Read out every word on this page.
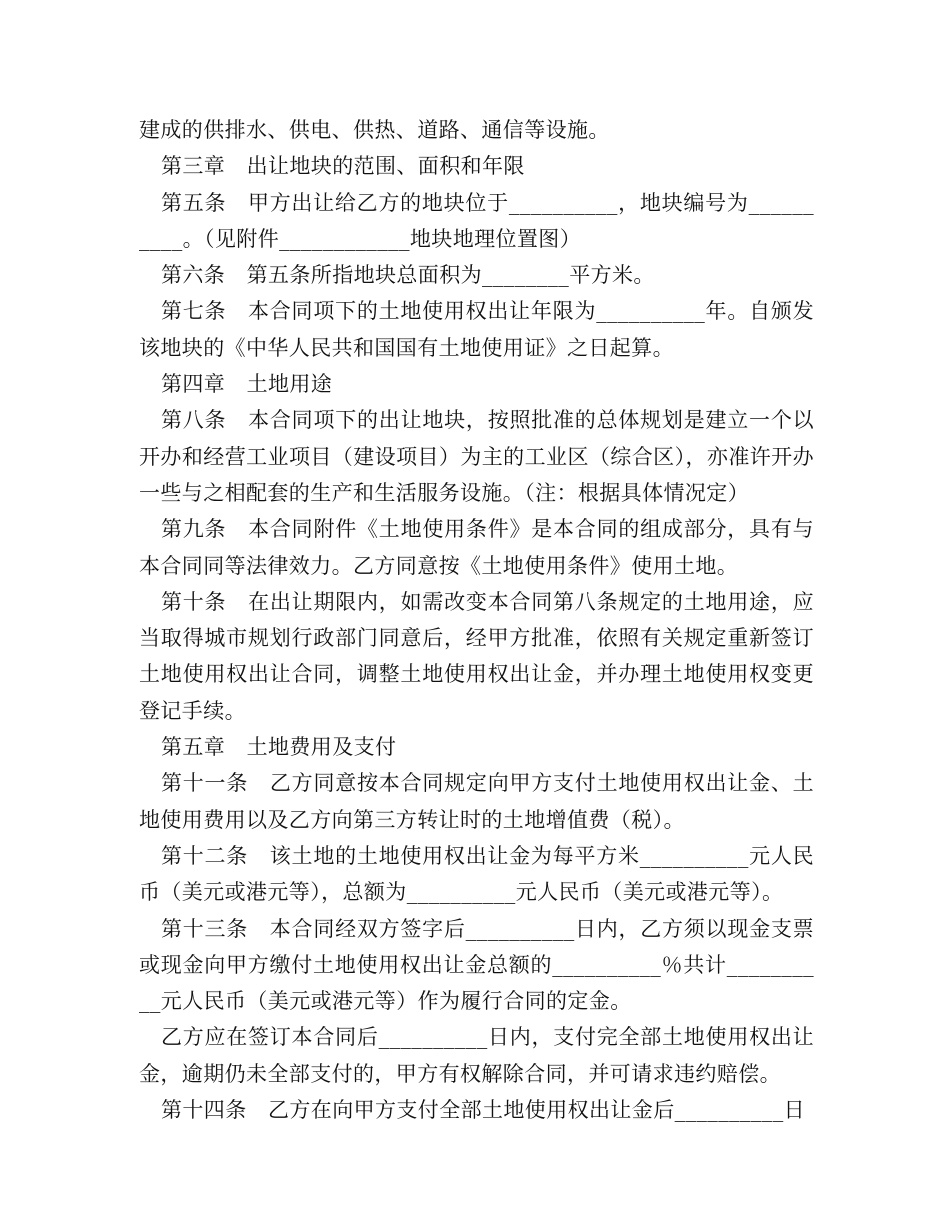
建成的供排水、供电、供热、道路、通信等设施。

第三章　出让地块的范围、面积和年限

第五条　甲方出让给乙方的地块位于__________，地块编号为__________。（见附件____________地块地理位置图）

第六条　第五条所指地块总面积为________平方米。

第七条　本合同项下的土地使用权出让年限为__________年。自颁发该地块的《中华人民共和国国有土地使用证》之日起算。

第四章　土地用途

第八条　本合同项下的出让地块，按照批准的总体规划是建立一个以开办和经营工业项目（建设项目）为主的工业区（综合区），亦准许开办一些与之相配套的生产和生活服务设施。（注：根据具体情况定）

第九条　本合同附件《土地使用条件》是本合同的组成部分，具有与本合同同等法律效力。乙方同意按《土地使用条件》使用土地。

第十条　在出让期限内，如需改变本合同第八条规定的土地用途，应当取得城市规划行政部门同意后，经甲方批准，依照有关规定重新签订土地使用权出让合同，调整土地使用权出让金，并办理土地使用权变更登记手续。

第五章　土地费用及支付

第十一条　乙方同意按本合同规定向甲方支付土地使用权出让金、土地使用费用以及乙方向第三方转让时的土地增值费（税）。

第十二条　该土地的土地使用权出让金为每平方米__________元人民币（美元或港元等），总额为__________元人民币（美元或港元等）。

第十三条　本合同经双方签字后__________日内，乙方须以现金支票或现金向甲方缴付土地使用权出让金总额的__________％共计__________元人民币（美元或港元等）作为履行合同的定金。

乙方应在签订本合同后__________日内，支付完全部土地使用权出让金，逾期仍未全部支付的，甲方有权解除合同，并可请求违约赔偿。

第十四条　乙方在向甲方支付全部土地使用权出让金后__________日
